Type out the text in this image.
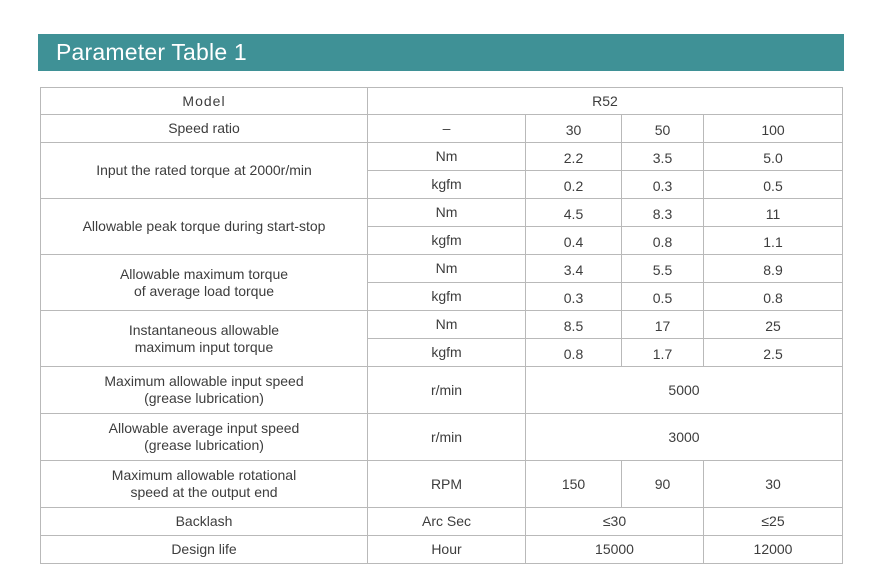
Parameter Table 1
Model	R52			
Speed ratio	–	30	50	100
Input the rated torque at 2000r/min	Nm	2.2	3.5	5.0
	kgfm	0.2	0.3	0.5
Allowable peak torque during start-stop	Nm	4.5	8.3	11
	kgfm	0.4	0.8	1.1

Allowable maximum torque
of average load torque	Nm	3.4	5.5	8.9
	kgfm	0.3	0.5	0.8

Instantaneous allowable
maximum input torque	Nm	8.5	17	25
	kgfm	0.8	1.7	2.5

Maximum allowable input speed
(grease lubrication)	r/min	5000		

Allowable average input speed
(grease lubrication)	r/min	3000		

Maximum allowable rotational
speed at the output end	RPM	150	90	30
Backlash	Arc Sec	≤30		≤25
Design life	Hour	15000		12000
